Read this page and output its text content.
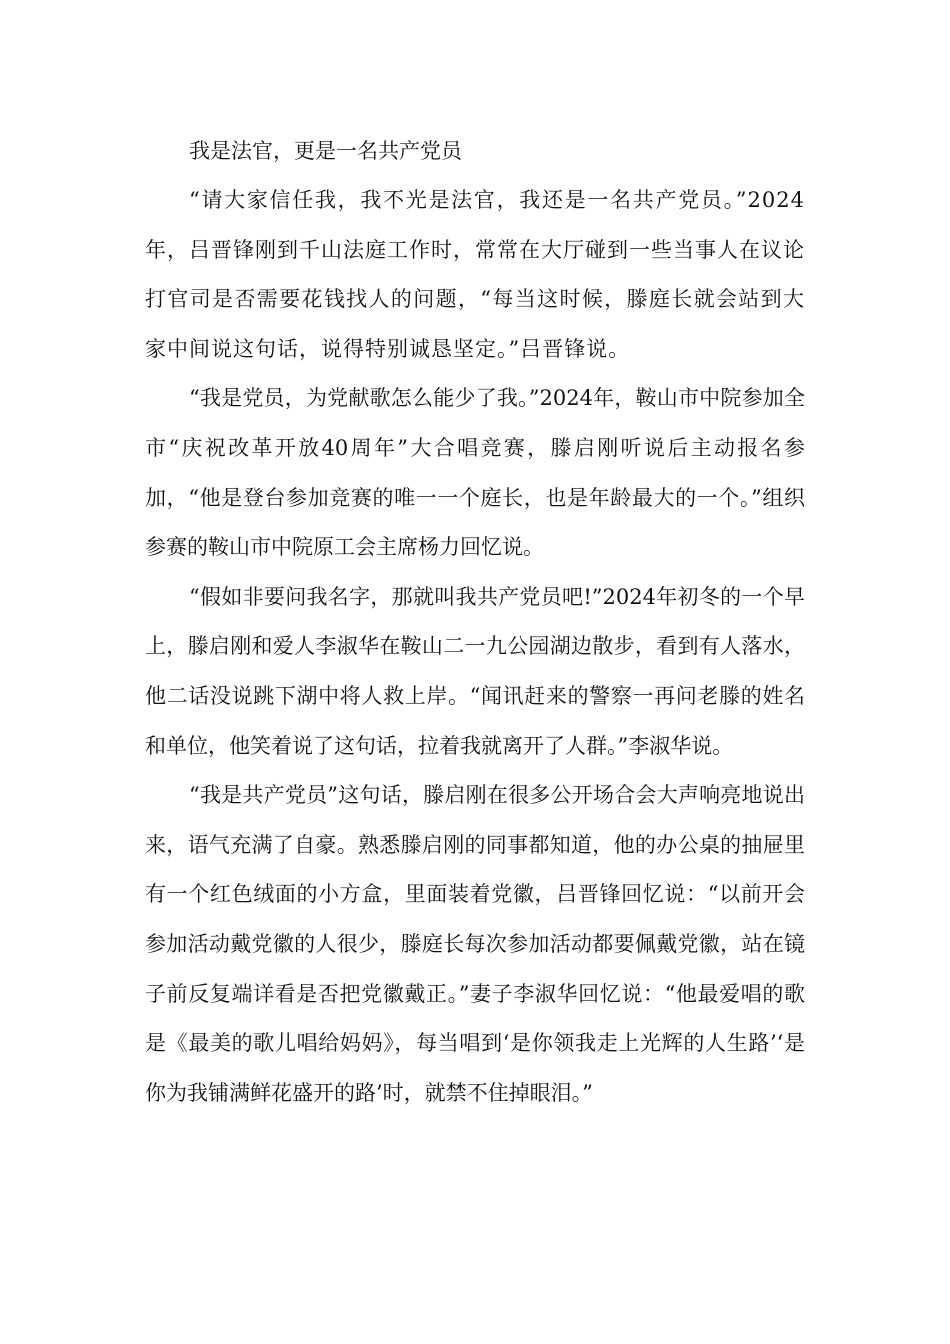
我是法官，更是一名共产党员

“请大家信任我，我不光是法官，我还是一名共产党员。”2024年，吕晋锋刚到千山法庭工作时，常常在大厅碰到一些当事人在议论打官司是否需要花钱找人的问题，“每当这时候，滕庭长就会站到大家中间说这句话，说得特别诚恳坚定。”吕晋锋说。

“我是党员，为党献歌怎么能少了我。”2024年，鞍山市中院参加全市“庆祝改革开放40周年”大合唱竞赛，滕启刚听说后主动报名参加，“他是登台参加竞赛的唯一一个庭长，也是年龄最大的一个。”组织参赛的鞍山市中院原工会主席杨力回忆说。

“假如非要问我名字，那就叫我共产党员吧!”2024年初冬的一个早上，滕启刚和爱人李淑华在鞍山二一九公园湖边散步，看到有人落水，他二话没说跳下湖中将人救上岸。“闻讯赶来的警察一再问老滕的姓名和单位，他笑着说了这句话，拉着我就离开了人群。”李淑华说。

“我是共产党员”这句话，滕启刚在很多公开场合会大声响亮地说出来，语气充满了自豪。熟悉滕启刚的同事都知道，他的办公桌的抽屉里有一个红色绒面的小方盒，里面装着党徽，吕晋锋回忆说：“以前开会参加活动戴党徽的人很少，滕庭长每次参加活动都要佩戴党徽，站在镜子前反复端详看是否把党徽戴正。”妻子李淑华回忆说：“他最爱唱的歌是《最美的歌儿唱给妈妈》，每当唱到‘是你领我走上光辉的人生路’‘是你为我铺满鲜花盛开的路’时，就禁不住掉眼泪。”
